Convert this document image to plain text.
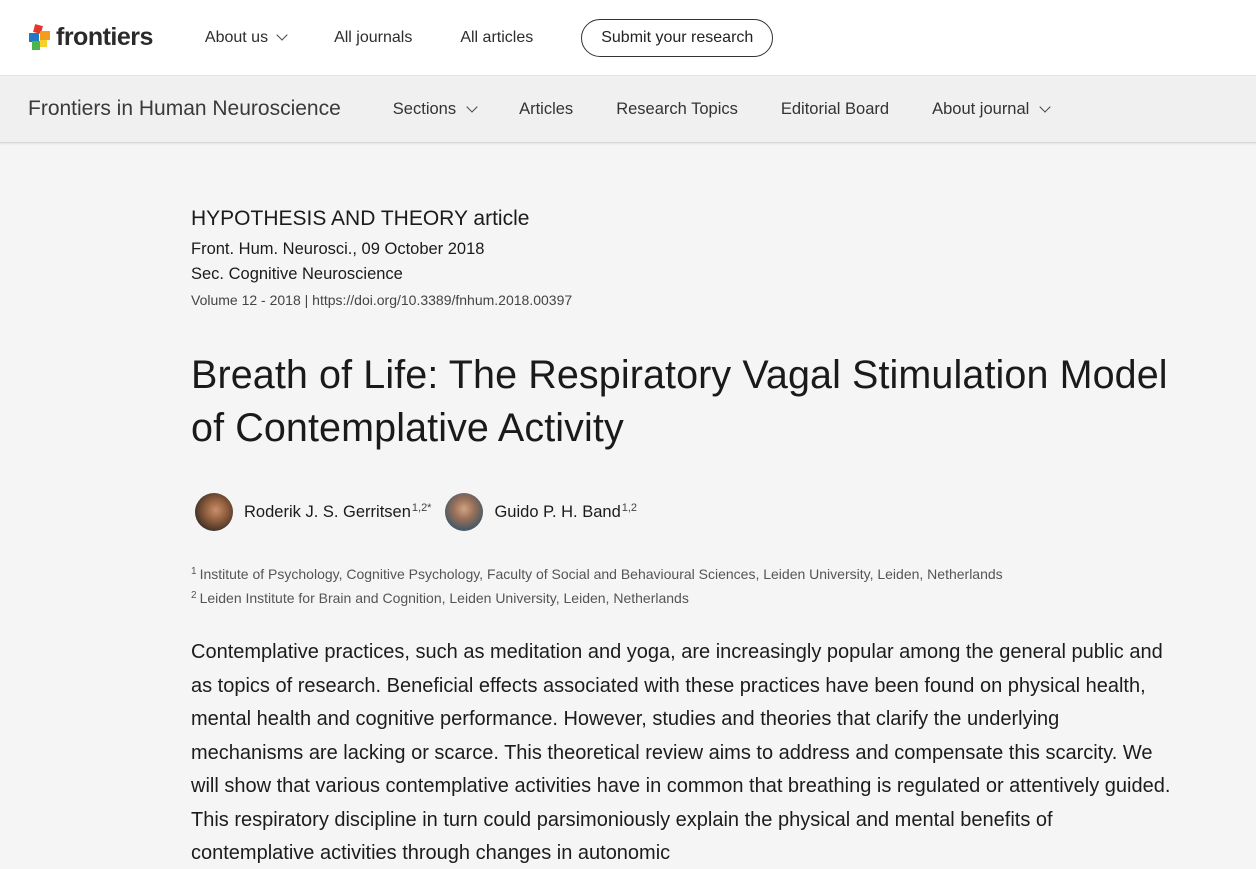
frontiers	About us	All journals	All articles	Submit your research
Frontiers in Human Neuroscience	Sections	Articles	Research Topics	Editorial Board	About journal
HYPOTHESIS AND THEORY article
Front. Hum. Neurosci., 09 October 2018
Sec. Cognitive Neuroscience
Volume 12 - 2018 | https://doi.org/10.3389/fnhum.2018.00397
Breath of Life: The Respiratory Vagal Stimulation Model of Contemplative Activity
Roderik J. S. Gerritsen$^{1,2*}$	Guido P. H. Band$^{1,2}$
$^1$ Institute of Psychology, Cognitive Psychology, Faculty of Social and Behavioural Sciences, Leiden University, Leiden, Netherlands
$^2$ Leiden Institute for Brain and Cognition, Leiden University, Leiden, Netherlands

Contemplative practices, such as meditation and yoga, are increasingly popular among the general public and as topics of research. Beneficial effects associated with these practices have been found on physical health, mental health and cognitive performance. However, studies and theories that clarify the underlying mechanisms are lacking or scarce. This theoretical review aims to address and compensate this scarcity. We will show that various contemplative activities have in common that breathing is regulated or attentively guided. This respiratory discipline in turn could parsimoniously explain the physical and mental benefits of contemplative activities through changes in autonomic
